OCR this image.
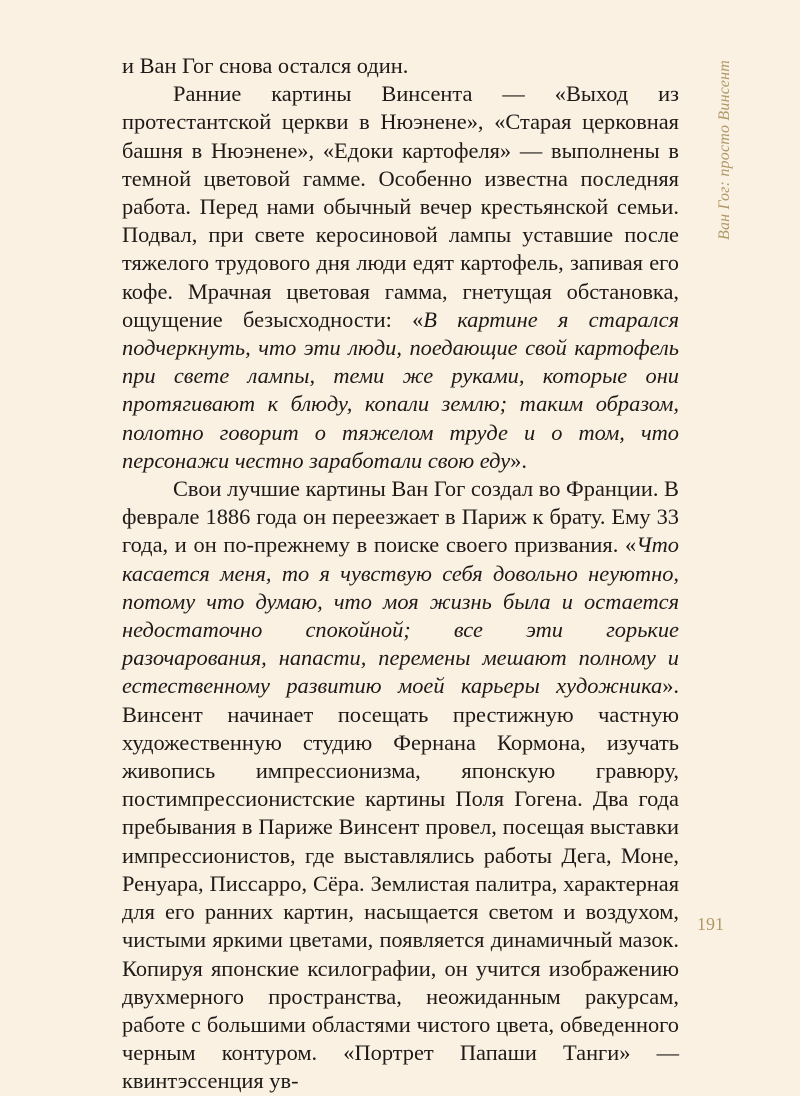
и Ван Гог снова остался один.

Ранние картины Винсента — «Выход из протестантской церкви в Нюэнене», «Старая церковная башня в Нюэнене», «Едоки картофеля» — выполнены в темной цветовой гамме. Особенно известна последняя работа. Перед нами обычный вечер крестьянской семьи. Подвал, при свете керосиновой лампы уставшие после тяжелого трудового дня люди едят картофель, запивая его кофе. Мрачная цветовая гамма, гнетущая обстановка, ощущение безысходности: «В картине я старался подчеркнуть, что эти люди, поедающие свой картофель при свете лампы, теми же руками, которые они протягивают к блюду, копали землю; таким образом, полотно говорит о тяжелом труде и о том, что персонажи честно заработали свою еду».

Свои лучшие картины Ван Гог создал во Франции. В феврале 1886 года он переезжает в Париж к брату. Ему 33 года, и он по-прежнему в поиске своего призвания. «Что касается меня, то я чувствую себя довольно неуютно, потому что думаю, что моя жизнь была и остается недостаточно спокойной; все эти горькие разочарования, напасти, перемены мешают полному и естественному развитию моей карьеры художника». Винсент начинает посещать престижную частную художественную студию Фернана Кормона, изучать живопись импрессионизма, японскую гравюру, постимпрессионистские картины Поля Гогена. Два года пребывания в Париже Винсент провел, посещая выставки импрессионистов, где выставлялись работы Дега, Моне, Ренуара, Писсарро, Сёра. Землистая палитра, характерная для его ранних картин, насыщается светом и воздухом, чистыми яркими цветами, появляется динамичный мазок. Копируя японские ксилографии, он учится изображению двухмерного пространства, неожиданным ракурсам, работе с большими областями чистого цвета, обведенного черным контуром. «Портрет Папаши Танги» — квинтэссенция ув-

Ван Гог: просто Винсент
191
